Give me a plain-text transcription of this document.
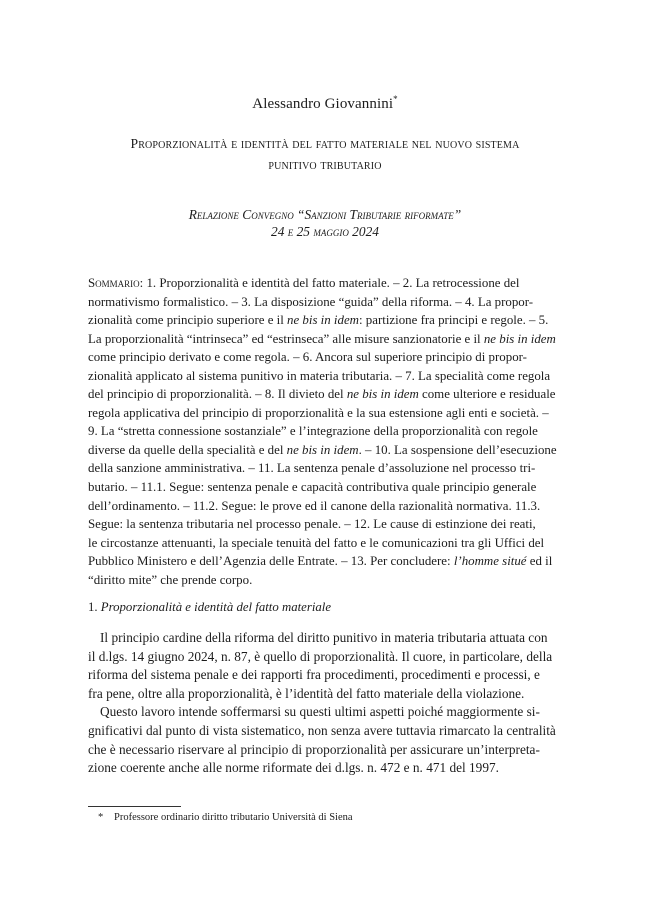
Alessandro Giovannini*
Proporzionalità e identità del fatto materiale nel nuovo sistema
punitivo tributario
Relazione Convegno “Sanzioni Tributarie riformate”
24 e 25 maggio 2024
Sommario: 1. Proporzionalità e identità del fatto materiale. – 2. La retrocessione del
normativismo formalistico. – 3. La disposizione “guida” della riforma. – 4. La propor-
zionalità come principio superiore e il ne bis in idem: partizione fra principi e regole. – 5.
La proporzionalità “intrinseca” ed “estrinseca” alle misure sanzionatorie e il ne bis in idem
come principio derivato e come regola. – 6. Ancora sul superiore principio di propor-
zionalità applicato al sistema punitivo in materia tributaria. – 7. La specialità come regola
del principio di proporzionalità. – 8. Il divieto del ne bis in idem come ulteriore e residuale
regola applicativa del principio di proporzionalità e la sua estensione agli enti e società. –
9. La “stretta connessione sostanziale” e l’integrazione della proporzionalità con regole
diverse da quelle della specialità e del ne bis in idem. – 10. La sospensione dell’esecuzione
della sanzione amministrativa. – 11. La sentenza penale d’assoluzione nel processo tri-
butario. – 11.1. Segue: sentenza penale e capacità contributiva quale principio generale
dell’ordinamento. – 11.2. Segue: le prove ed il canone della razionalità normativa. 11.3.
Segue: la sentenza tributaria nel processo penale. – 12. Le cause di estinzione dei reati,
le circostanze attenuanti, la speciale tenuità del fatto e le comunicazioni tra gli Uffici del
Pubblico Ministero e dell’Agenzia delle Entrate. – 13. Per concludere: l’homme situé ed il
“diritto mite” che prende corpo.
1. Proporzionalità e identità del fatto materiale
Il principio cardine della riforma del diritto punitivo in materia tributaria attuata con
il d.lgs. 14 giugno 2024, n. 87, è quello di proporzionalità. Il cuore, in particolare, della
riforma del sistema penale e dei rapporti fra procedimenti, procedimenti e processi, e
fra pene, oltre alla proporzionalità, è l’identità del fatto materiale della violazione.
Questo lavoro intende soffermarsi su questi ultimi aspetti poiché maggiormente si-
gnificativi dal punto di vista sistematico, non senza avere tuttavia rimarcato la centralità
che è necessario riservare al principio di proporzionalità per assicurare un’interpreta-
zione coerente anche alle norme riformate dei d.lgs. n. 472 e n. 471 del 1997.
* Professore ordinario diritto tributario Università di Siena
